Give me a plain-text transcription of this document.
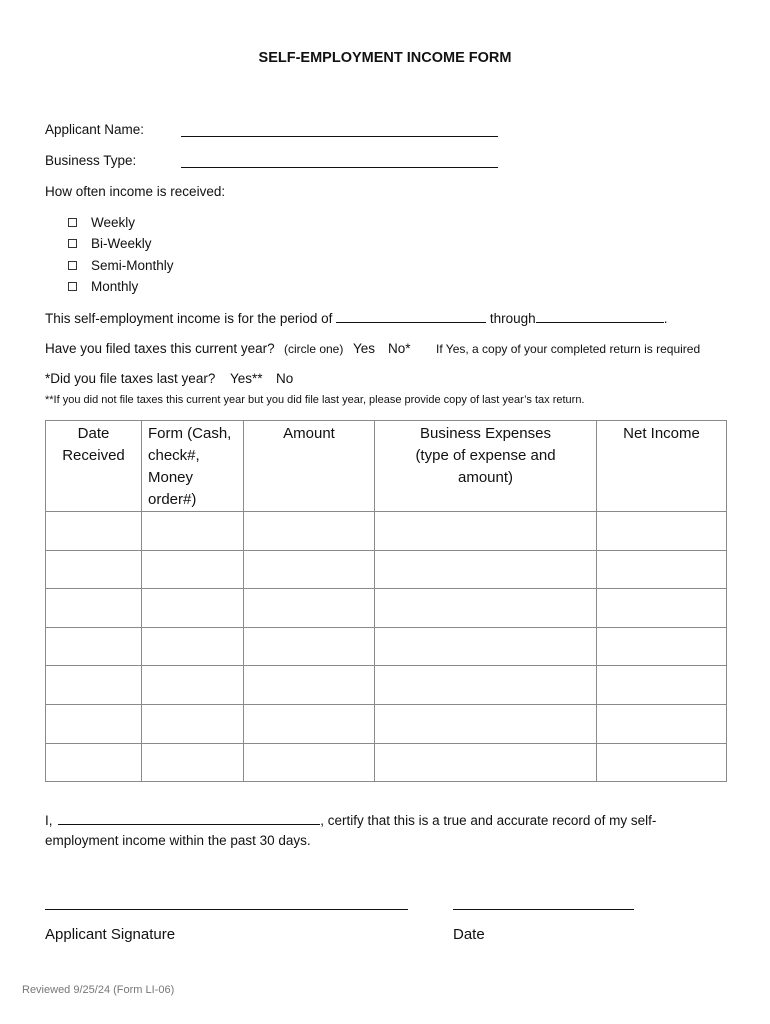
SELF-EMPLOYMENT INCOME FORM
Applicant Name:
Business Type:
How often income is received:
Weekly
Bi-Weekly
Semi-Monthly
Monthly
This self-employment income is for the period of	through	.
Have you filed taxes this current year? (circle one) Yes No* If Yes, a copy of your completed return is required
*Did you file taxes last year? Yes** No
**If you did not file taxes this current year but you did file last year, please provide copy of last year’s tax return.
Date Received	Form (Cash, check#, Money order#)	Amount	Business Expenses (type of expense and amount)	Net Income

I,	, certify that this is a true and accurate record of my self-
employment income within the past 30 days.
Applicant Signature	Date
Reviewed 9/25/24 (Form LI-06)
